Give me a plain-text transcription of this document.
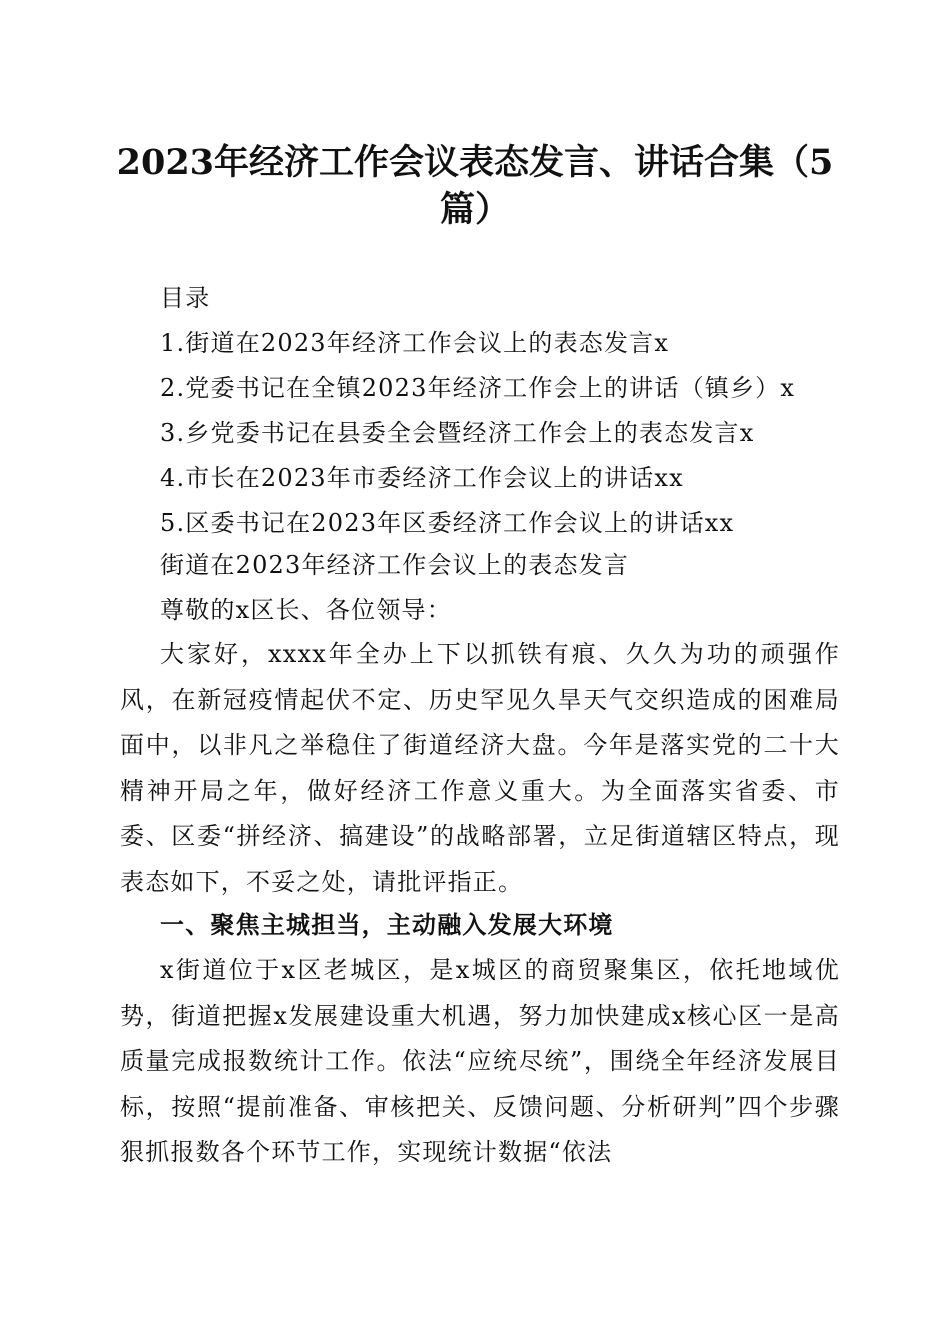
2023年经济工作会议表态发言、讲话合集（5
篇）
目录
1.街道在2023年经济工作会议上的表态发言x
2.党委书记在全镇2023年经济工作会上的讲话（镇乡）x
3.乡党委书记在县委全会暨经济工作会上的表态发言x
4.市长在2023年市委经济工作会议上的讲话xx
5.区委书记在2023年区委经济工作会议上的讲话xx
街道在2023年经济工作会议上的表态发言
尊敬的x区长、各位领导：
大家好，xxxx年全办上下以抓铁有痕、久久为功的顽强作风，在新冠疫情起伏不定、历史罕见久旱天气交织造成的困难局面中，以非凡之举稳住了街道经济大盘。今年是落实党的二十大精神开局之年，做好经济工作意义重大。为全面落实省委、市委、区委“拼经济、搞建设”的战略部署，立足街道辖区特点，现表态如下，不妥之处，请批评指正。
一、聚焦主城担当，主动融入发展大环境
x街道位于x区老城区，是x城区的商贸聚集区，依托地域优势，街道把握x发展建设重大机遇，努力加快建成x核心区一是高质量完成报数统计工作。依法“应统尽统”，围绕全年经济发展目标，按照“提前准备、审核把关、反馈问题、分析研判”四个步骤狠抓报数各个环节工作，实现统计数据“依法
